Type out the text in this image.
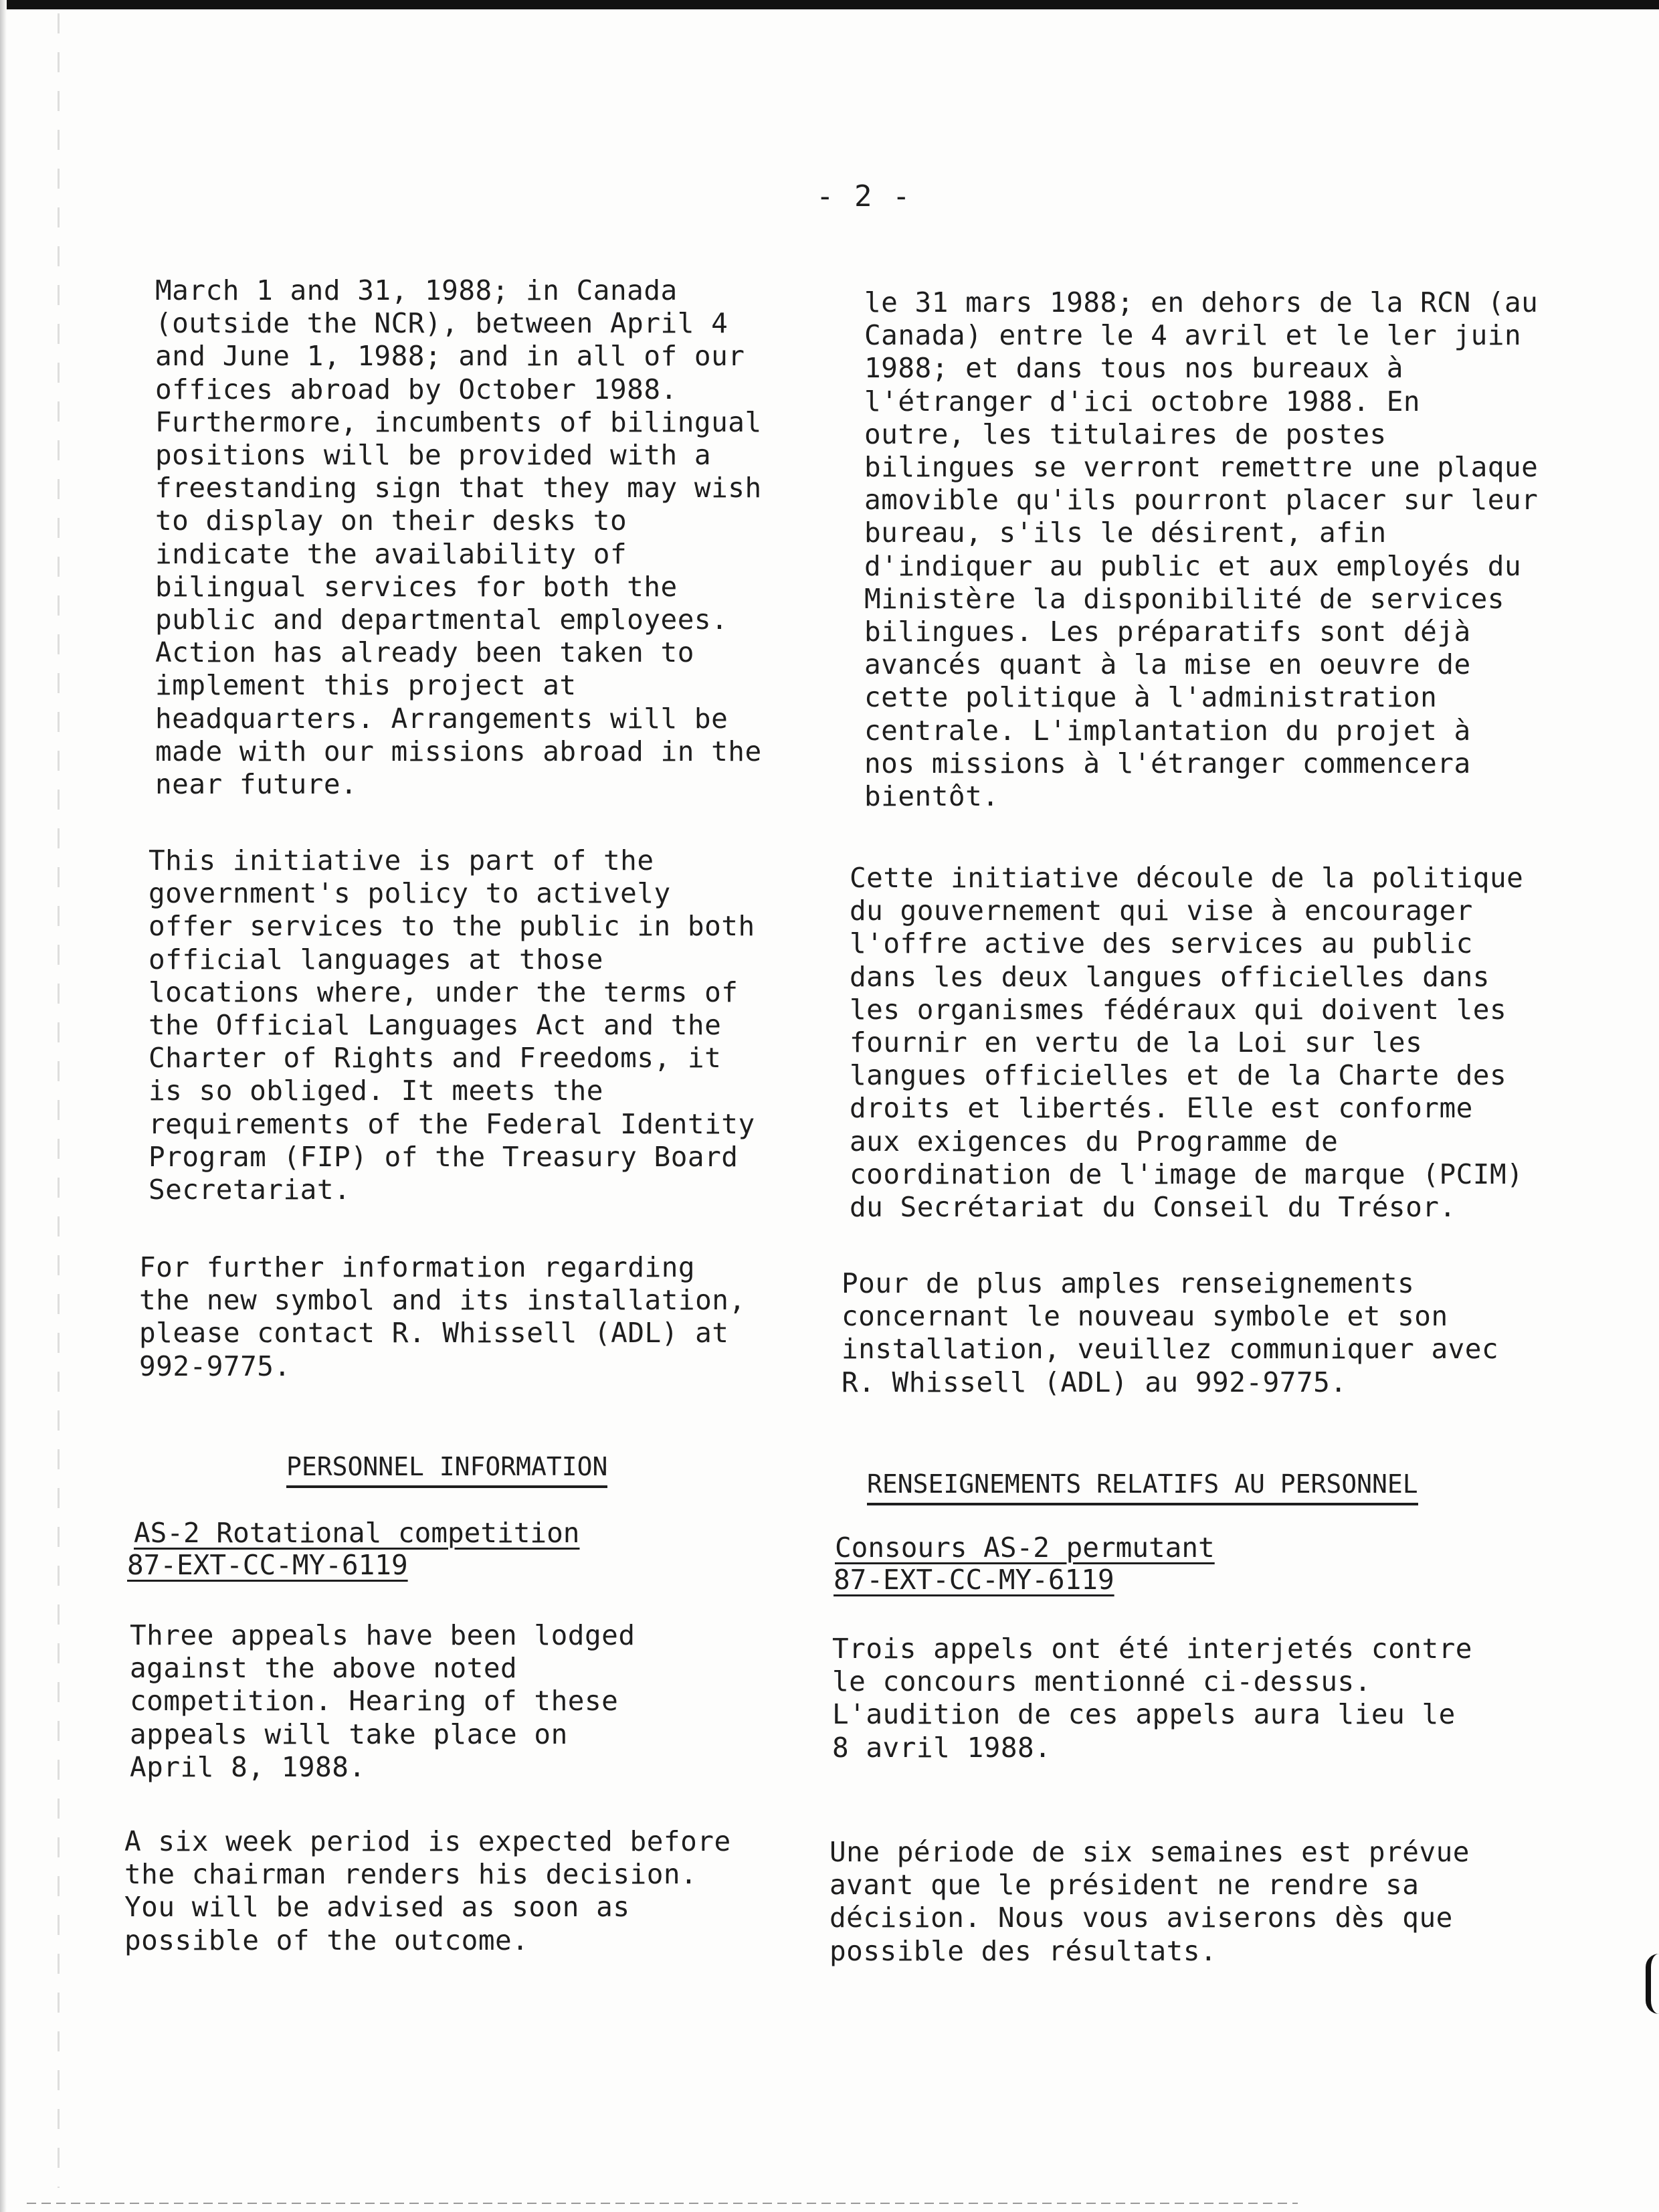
- 2 -
March 1 and 31, 1988; in Canada
(outside the NCR), between April 4
and June 1, 1988; and in all of our
offices abroad by October 1988.
Furthermore, incumbents of bilingual
positions will be provided with a
freestanding sign that they may wish
to display on their desks to
indicate the availability of
bilingual services for both the
public and departmental employees.
Action has already been taken to
implement this project at
headquarters. Arrangements will be
made with our missions abroad in the
near future.
This initiative is part of the
government's policy to actively
offer services to the public in both
official languages at those
locations where, under the terms of
the Official Languages Act and the
Charter of Rights and Freedoms, it
is so obliged. It meets the
requirements of the Federal Identity
Program (FIP) of the Treasury Board
Secretariat.
For further information regarding
the new symbol and its installation,
please contact R. Whissell (ADL) at
992-9775.
PERSONNEL INFORMATION
AS-2 Rotational competition
87-EXT-CC-MY-6119
Three appeals have been lodged
against the above noted
competition. Hearing of these
appeals will take place on
April 8, 1988.
A six week period is expected before
the chairman renders his decision.
You will be advised as soon as
possible of the outcome.
le 31 mars 1988; en dehors de la RCN (au
Canada) entre le 4 avril et le ler juin
1988; et dans tous nos bureaux à
l'étranger d'ici octobre 1988. En
outre, les titulaires de postes
bilingues se verront remettre une plaque
amovible qu'ils pourront placer sur leur
bureau, s'ils le désirent, afin
d'indiquer au public et aux employés du
Ministère la disponibilité de services
bilingues. Les préparatifs sont déjà
avancés quant à la mise en oeuvre de
cette politique à l'administration
centrale. L'implantation du projet à
nos missions à l'étranger commencera
bientôt.
Cette initiative découle de la politique
du gouvernement qui vise à encourager
l'offre active des services au public
dans les deux langues officielles dans
les organismes fédéraux qui doivent les
fournir en vertu de la Loi sur les
langues officielles et de la Charte des
droits et libertés. Elle est conforme
aux exigences du Programme de
coordination de l'image de marque (PCIM)
du Secrétariat du Conseil du Trésor.
Pour de plus amples renseignements
concernant le nouveau symbole et son
installation, veuillez communiquer avec
R. Whissell (ADL) au 992-9775.
RENSEIGNEMENTS RELATIFS AU PERSONNEL
Consours AS-2 permutant
87-EXT-CC-MY-6119
Trois appels ont été interjetés contre
le concours mentionné ci-dessus.
L'audition de ces appels aura lieu le
8 avril 1988.
Une période de six semaines est prévue
avant que le président ne rendre sa
décision. Nous vous aviserons dès que
possible des résultats.
